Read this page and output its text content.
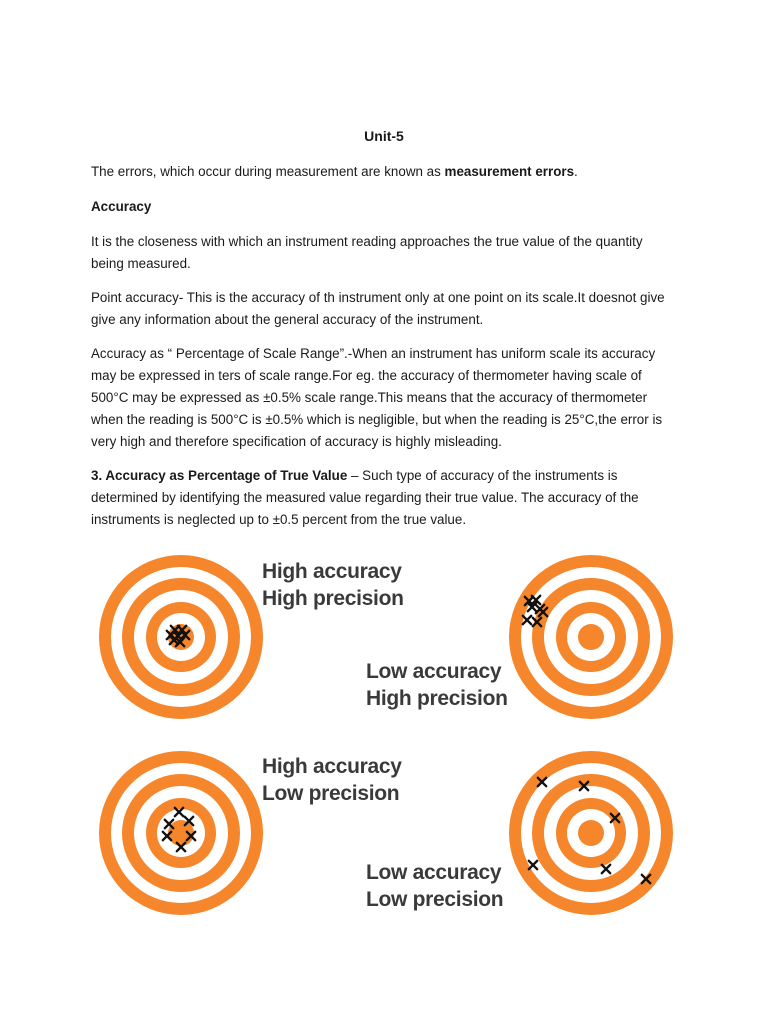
Unit-5

The errors, which occur during measurement are known as measurement errors.

Accuracy

It is the closeness with which an instrument reading approaches the true value of the quantity being measured.

Point accuracy- This is the accuracy of th instrument only at one point on its scale.It doesnot give give any information about the general accuracy of the instrument.

Accuracy as “ Percentage of Scale Range”.-When an instrument has uniform scale its accuracy may be expressed in ters of scale range.For eg. the accuracy of thermometer having scale of 500°C may be expressed as ±0.5% scale range.This means that the accuracy of thermometer when the reading is 500°C is ±0.5% which is negligible, but when the reading is 25°C,the error is very high and therefore specification of accuracy is highly misleading.

3. Accuracy as Percentage of True Value – Such type of accuracy of the instruments is determined by identifying the measured value regarding their true value. The accuracy of the instruments is neglected up to ±0.5 percent from the true value.

High accuracy
High precision
Low accuracy
High precision
High accuracy
Low precision
Low accuracy
Low precision
